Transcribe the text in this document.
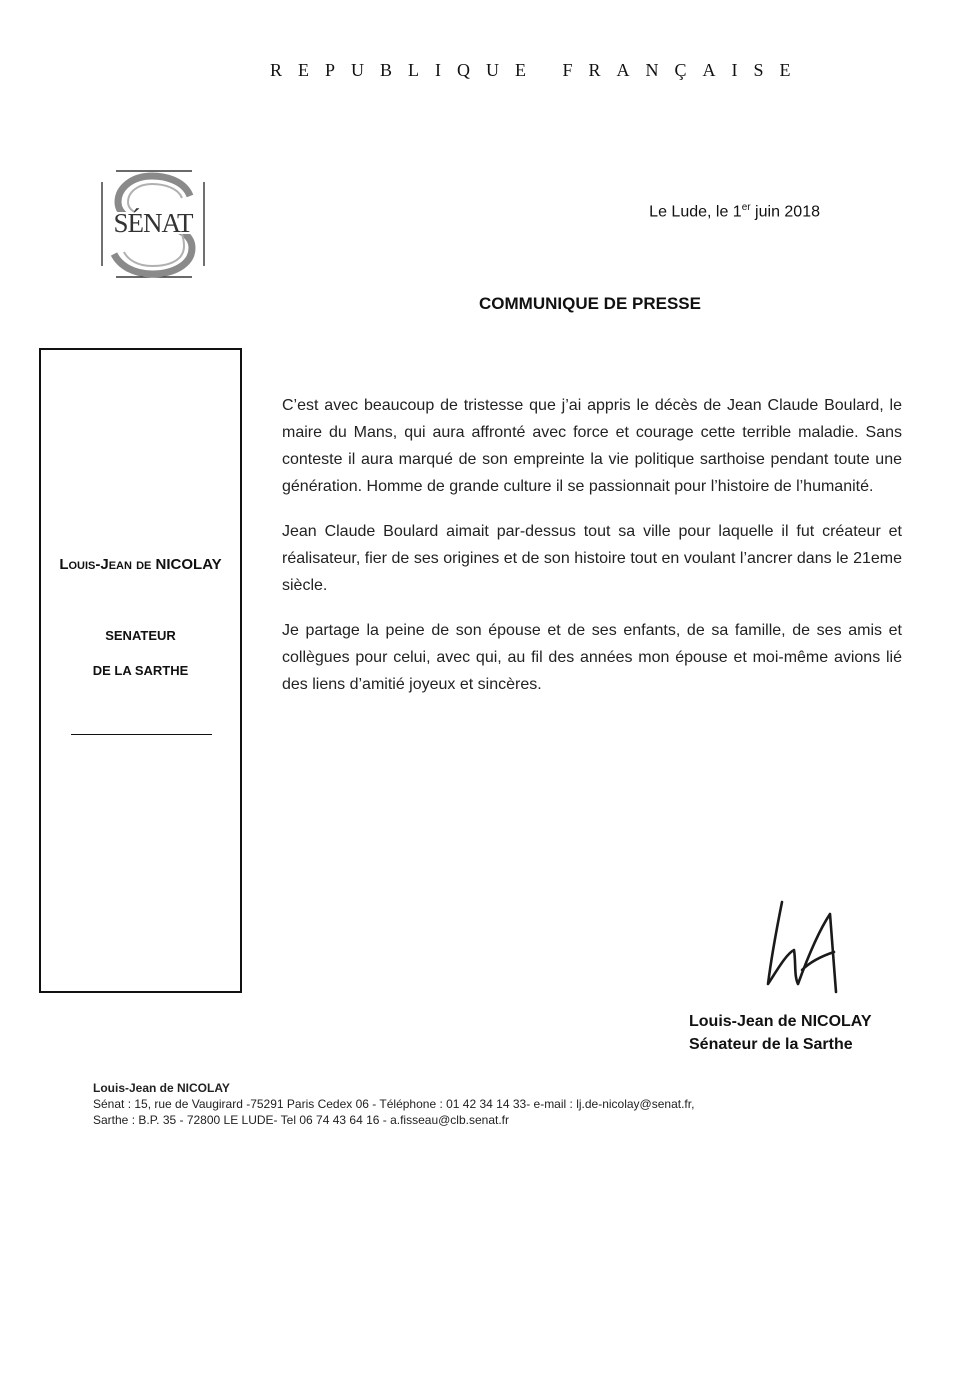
REPUBLIQUE FRANÇAISE
SÉNAT	Le Lude, le 1er juin 2018
COMMUNIQUE DE PRESSE
Louis-Jean de NICOLAY
SENATEUR
DE LA SARTHE

C’est avec beaucoup de tristesse que j’ai appris le décès de Jean Claude Boulard, le maire du Mans, qui aura affronté avec force et courage cette terrible maladie. Sans conteste il aura marqué de son empreinte la vie politique sarthoise pendant toute une génération. Homme de grande culture il se passionnait pour l’histoire de l’humanité.

Jean Claude Boulard aimait par-dessus tout sa ville pour laquelle il fut créateur et réalisateur, fier de ses origines et de son histoire tout en voulant l’ancrer dans le 21eme siècle.

Je partage la peine de son épouse et de ses enfants, de sa famille, de ses amis et collègues pour celui, avec qui, au fil des années mon épouse et moi-même avions lié des liens d’amitié joyeux et sincères.

Louis-Jean de NICOLAY
Sénateur de la Sarthe
Louis-Jean de NICOLAY
Sénat : 15, rue de Vaugirard -75291 Paris Cedex 06 - Téléphone : 01 42 34 14 33- e-mail : lj.de-nicolay@senat.fr,
Sarthe : B.P. 35 - 72800 LE LUDE- Tel 06 74 43 64 16 - a.fisseau@clb.senat.fr
